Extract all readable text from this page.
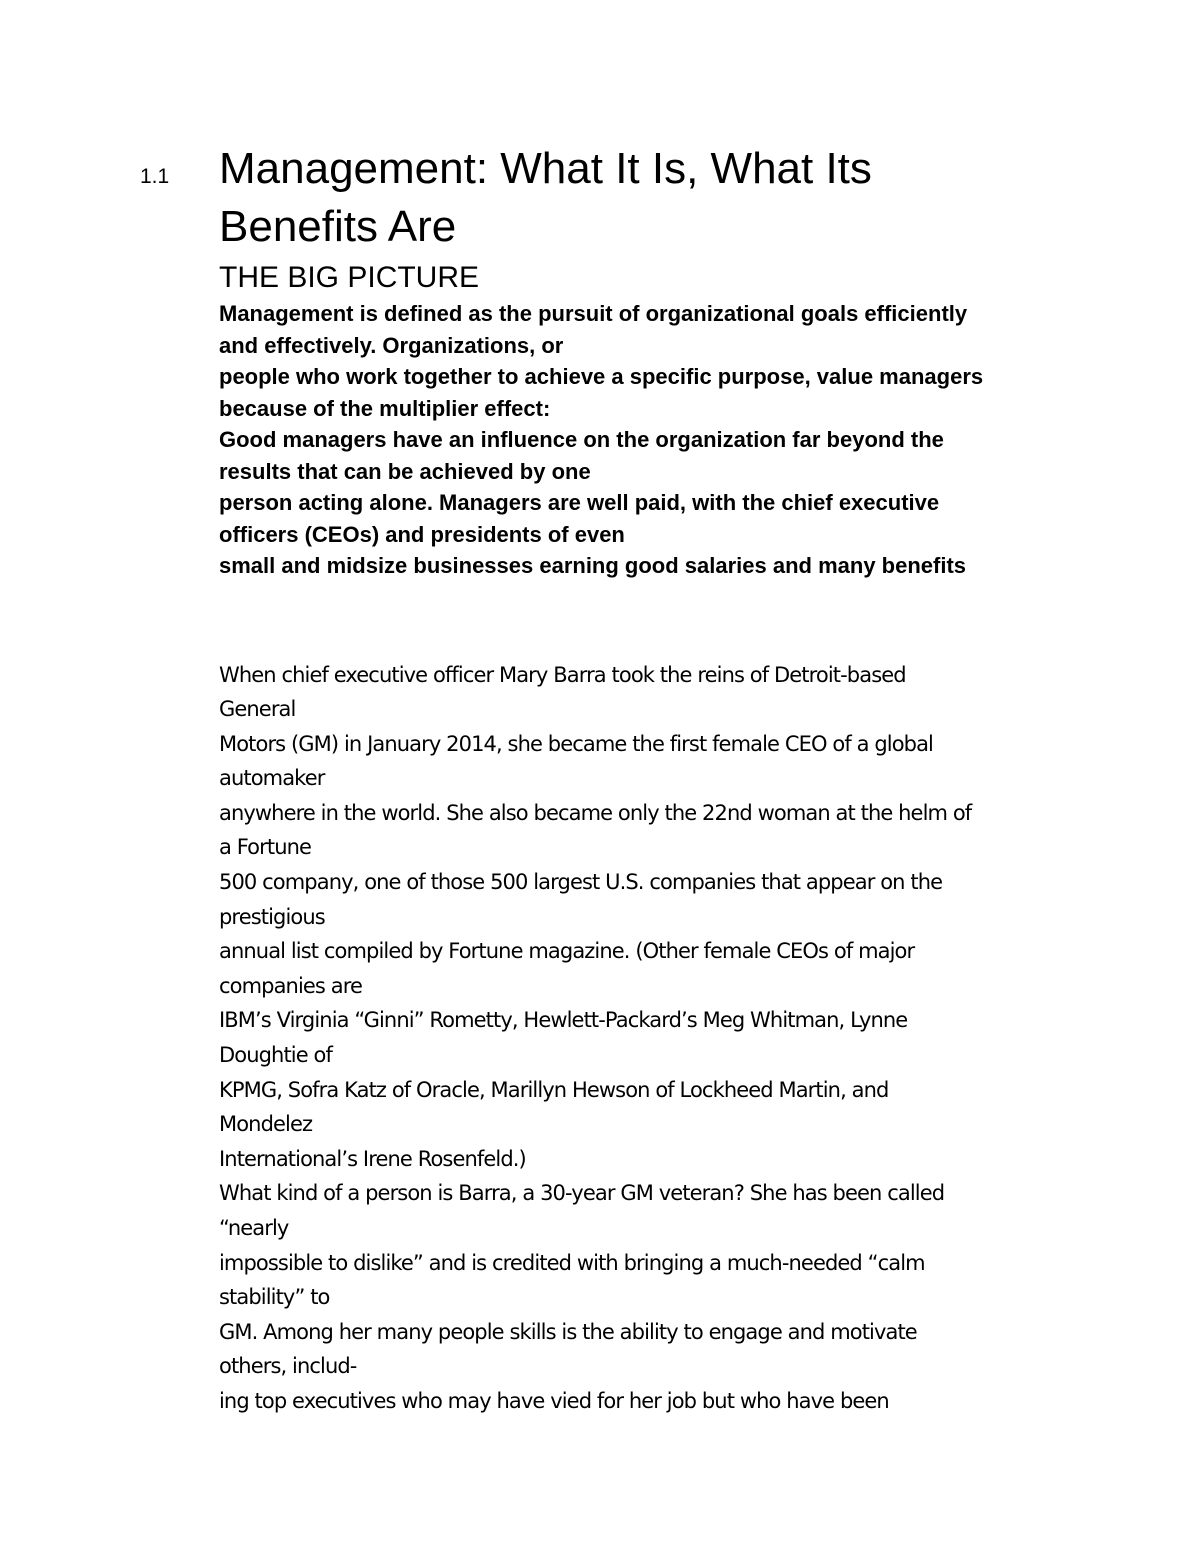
1.1 Management: What It Is, What Its
Benefits Are
THE BIG PICTURE
Management is defined as the pursuit of organizational goals efficiently
and effectively. Organizations, or
people who work together to achieve a specific purpose, value managers
because of the multiplier effect:
Good managers have an influence on the organization far beyond the
results that can be achieved by one
person acting alone. Managers are well paid, with the chief executive
officers (CEOs) and presidents of even
small and midsize businesses earning good salaries and many benefits
When chief executive officer Mary Barra took the reins of Detroit-based
General
Motors (GM) in January 2014, she became the first female CEO of a global
automaker
anywhere in the world. She also became only the 22nd woman at the helm of
a Fortune
500 company, one of those 500 largest U.S. companies that appear on the
prestigious
annual list compiled by Fortune magazine. (Other female CEOs of major
companies are
IBM’s Virginia “Ginni” Rometty, Hewlett-Packard’s Meg Whitman, Lynne
Doughtie of
KPMG, Sofra Katz of Oracle, Marillyn Hewson of Lockheed Martin, and
Mondelez
International’s Irene Rosenfeld.)
What kind of a person is Barra, a 30-year GM veteran? She has been called
“nearly
impossible to dislike” and is credited with bringing a much-needed “calm
stability” to
GM. Among her many people skills is the ability to engage and motivate
others, includ-
ing top executives who may have vied for her job but who have been
